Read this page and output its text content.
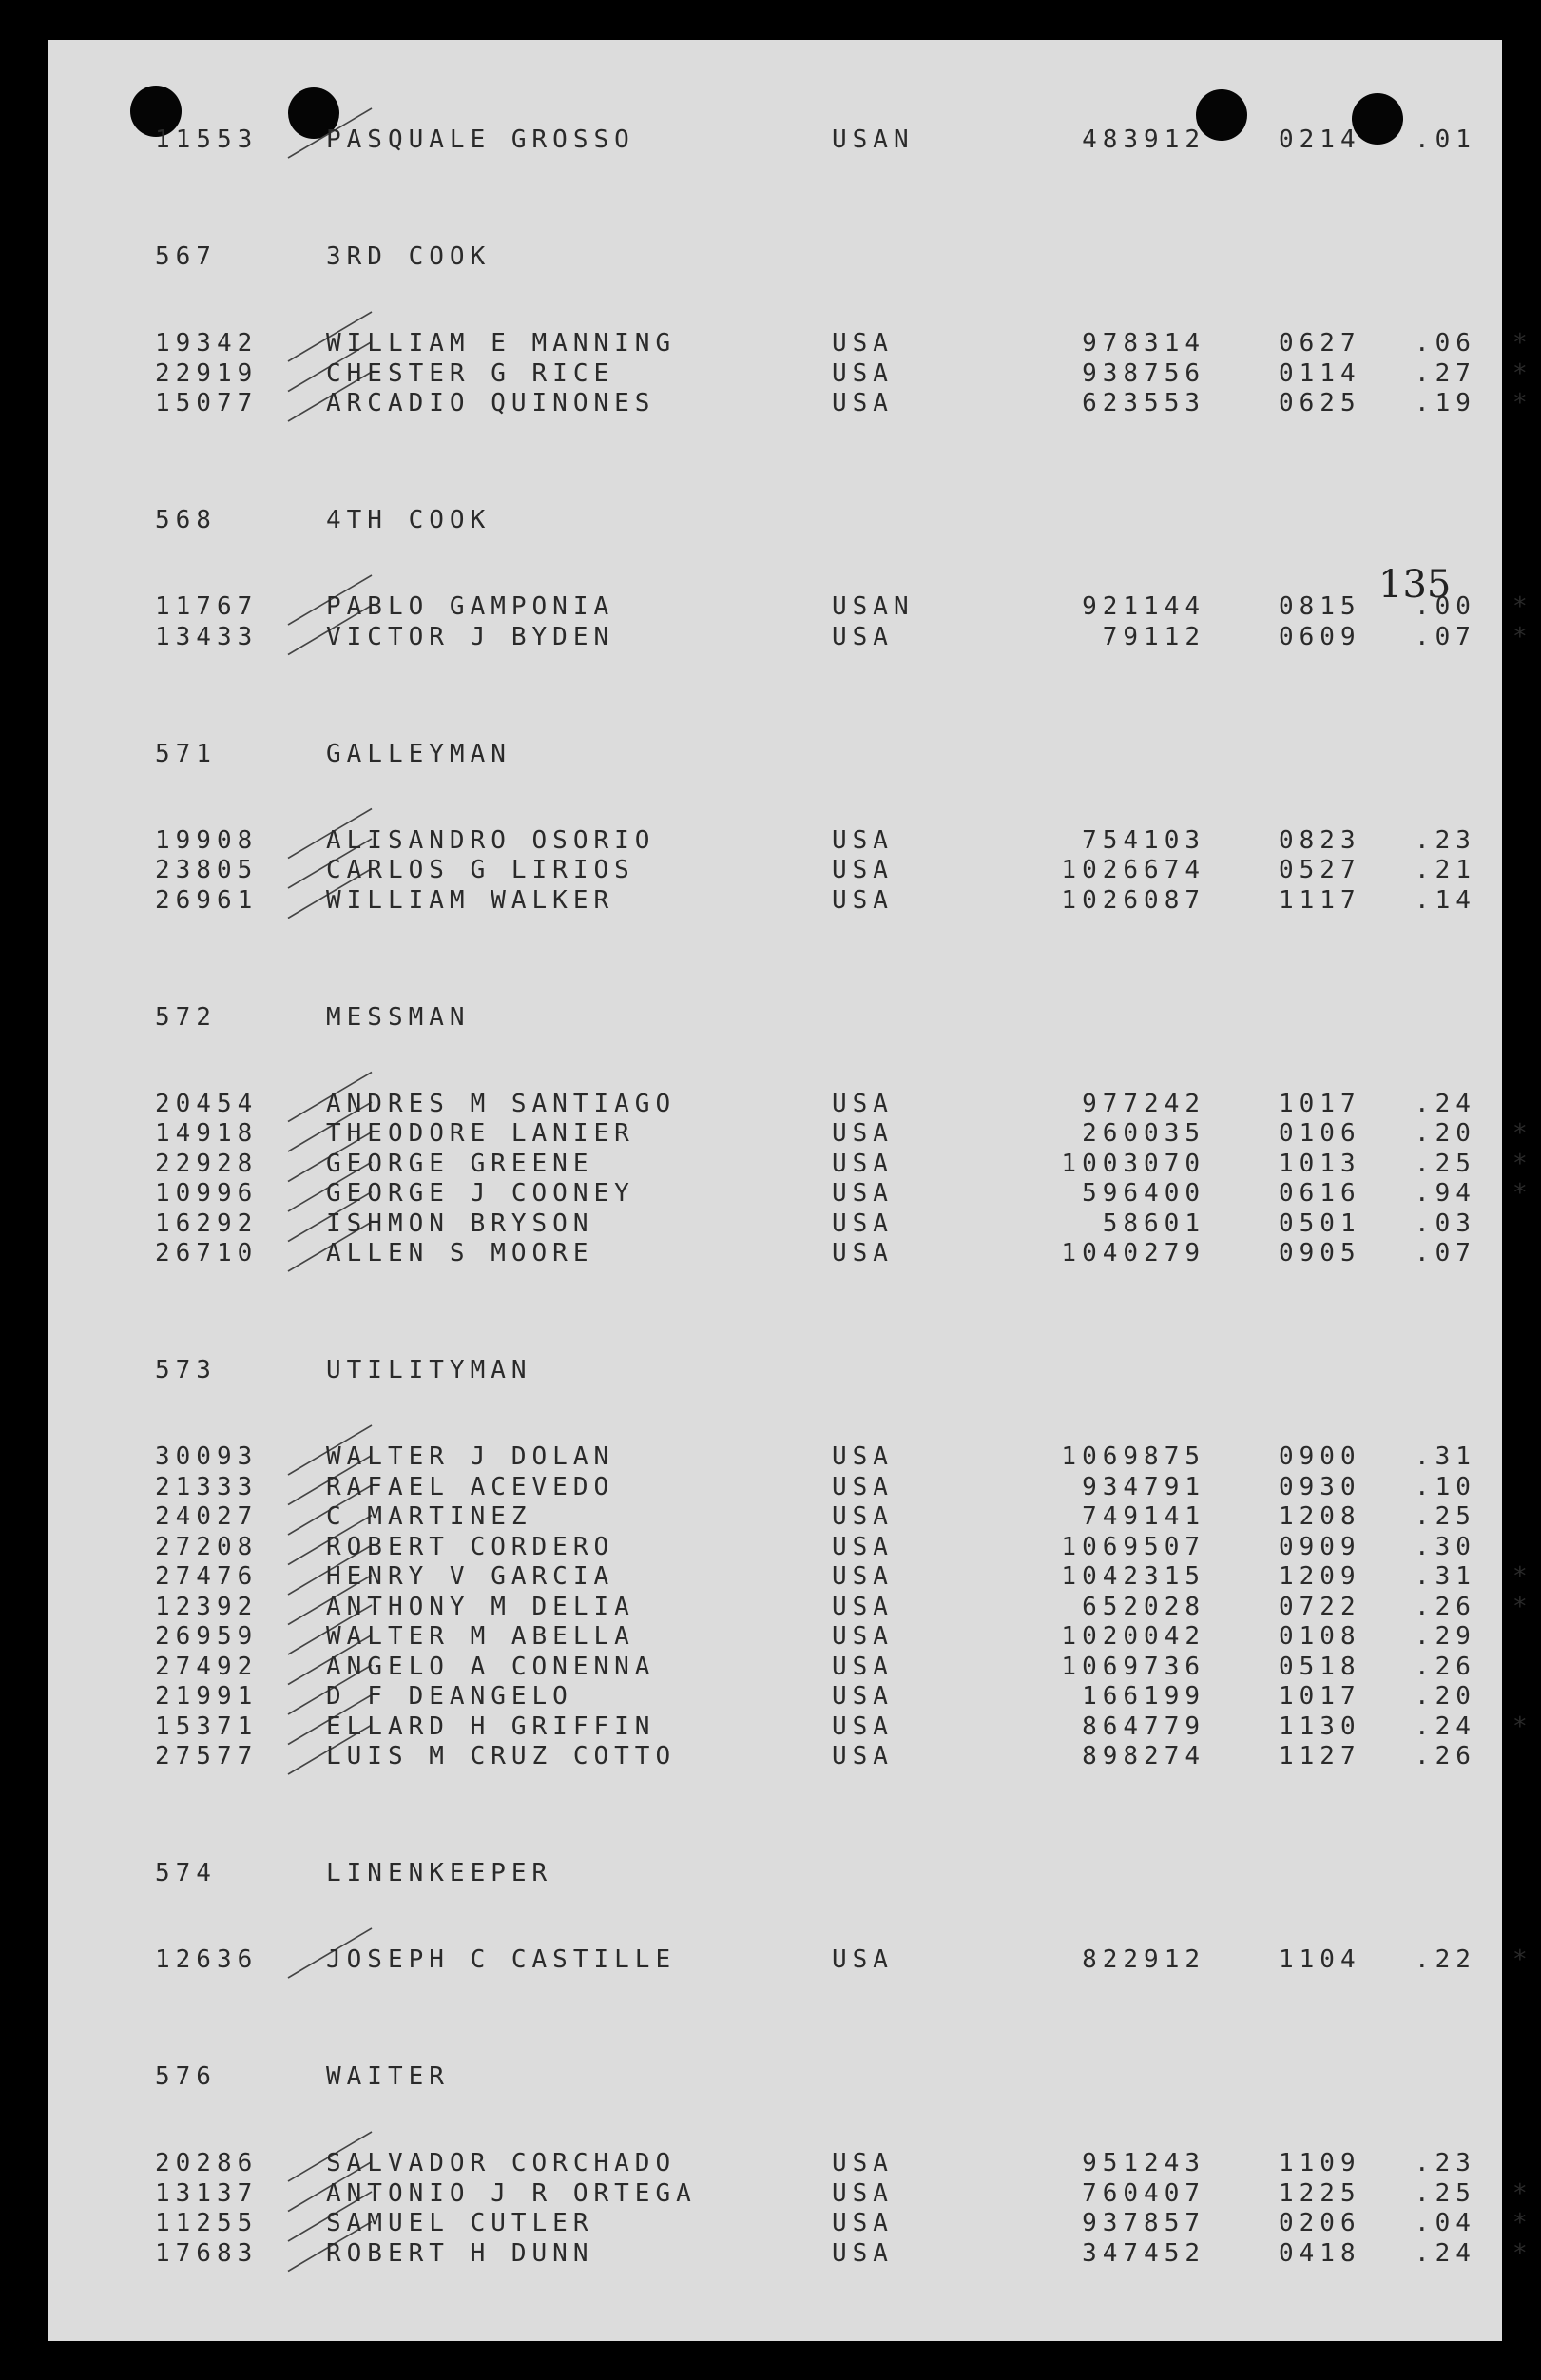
135
11553	PASQUALE GROSSO	USAN	483912	0214 .01
567	3RD COOK
19342	WILLIAM E MANNING	USA	978314	0627 .06 *
22919	CHESTER G RICE	USA	938756	0114 .27 *
15077	ARCADIO QUINONES	USA	623553	0625 .19 *
568	4TH COOK
11767	PABLO GAMPONIA	USAN	921144	0815 .00 *
13433	VICTOR J BYDEN	USA	79112	0609 .07 *
571	GALLEYMAN
19908	ALISANDRO OSORIO	USA	754103	0823 .23
23805	CARLOS G LIRIOS	USA	1026674	0527 .21
26961	WILLIAM WALKER	USA	1026087	1117 .14
572	MESSMAN
20454	ANDRES M SANTIAGO	USA	977242	1017 .24
14918	THEODORE LANIER	USA	260035	0106 .20 *
22928	GEORGE GREENE	USA	1003070	1013 .25 *
10996	GEORGE J COONEY	USA	596400	0616 .94 *
16292	ISHMON BRYSON	USA	58601	0501 .03
26710	ALLEN S MOORE	USA	1040279	0905 .07
573	UTILITYMAN
30093	WALTER J DOLAN	USA	1069875	0900 .31
21333	RAFAEL ACEVEDO	USA	934791	0930 .10
24027	C MARTINEZ	USA	749141	1208 .25
27208	ROBERT CORDERO	USA	1069507	0909 .30
27476	HENRY V GARCIA	USA	1042315	1209 .31 *
12392	ANTHONY M DELIA	USA	652028	0722 .26 *
26959	WALTER M ABELLA	USA	1020042	0108 .29
27492	ANGELO A CONENNA	USA	1069736	0518 .26
21991	D F DEANGELO	USA	166199	1017 .20
15371	ELLARD H GRIFFIN	USA	864779	1130 .24 *
27577	LUIS M CRUZ COTTO	USA	898274	1127 .26
574	LINENKEEPER
12636	JOSEPH C CASTILLE	USA	822912	1104 .22 *
576	WAITER
20286	SALVADOR CORCHADO	USA	951243	1109 .23
13137	ANTONIO J R ORTEGA	USA	760407	1225 .25 *
11255	SAMUEL CUTLER	USA	937857	0206 .04 *
17683	ROBERT H DUNN	USA	347452	0418 .24 *
